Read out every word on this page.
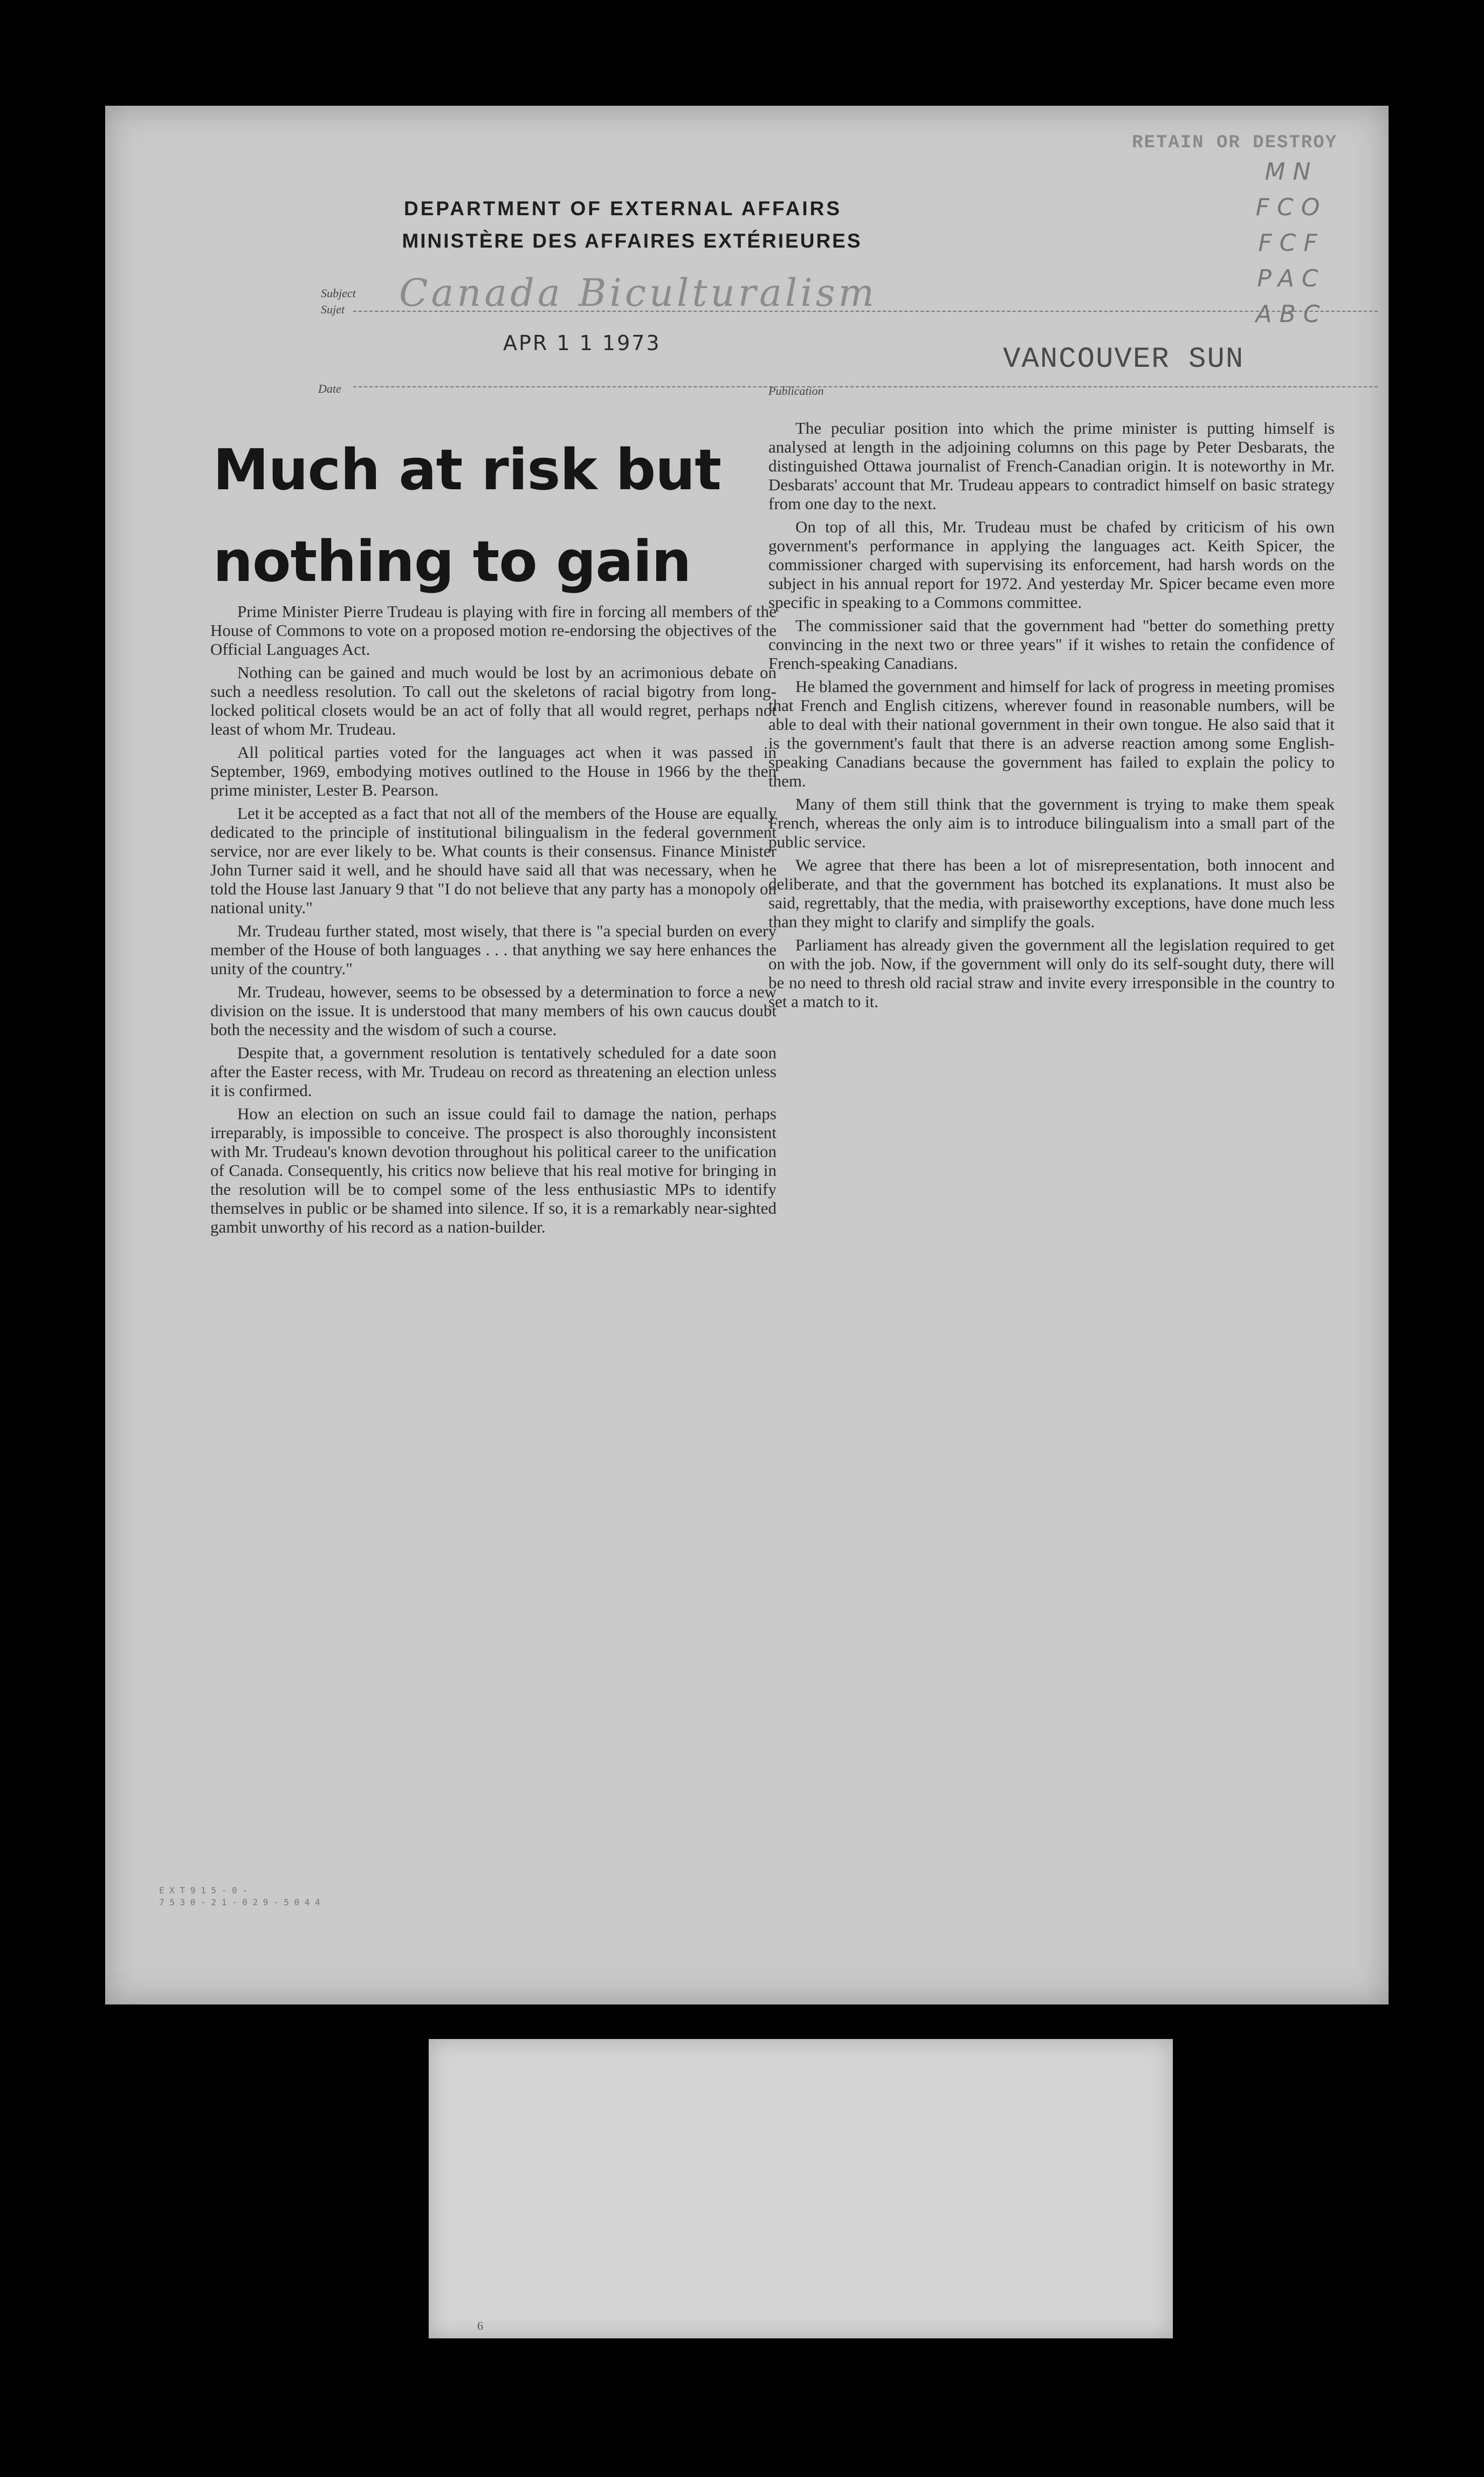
RETAIN OR DESTROY
MN
FCO
FCF
PAC
ABC
DEPARTMENT OF EXTERNAL AFFAIRS
MINISTÈRE DES AFFAIRES EXTÉRIEURES
Subject
Sujet Canada Biculturalism
APR 1 1 1973	VANCOUVER SUN
Date	Publication
Much at risk but nothing to gain

Prime Minister Pierre Trudeau is playing with fire in forcing all members of the House of Commons to vote on a proposed motion re-endorsing the objectives of the Official Languages Act.

Nothing can be gained and much would be lost by an acrimonious debate on such a needless resolution. To call out the skeletons of racial bigotry from long-locked political closets would be an act of folly that all would regret, perhaps not least of whom Mr. Trudeau.

All political parties voted for the languages act when it was passed in September, 1969, embodying motives outlined to the House in 1966 by the then prime minister, Lester B. Pearson.

Let it be accepted as a fact that not all of the members of the House are equally dedicated to the principle of institutional bilingualism in the federal government service, nor are ever likely to be. What counts is their consensus. Finance Minister John Turner said it well, and he should have said all that was necessary, when he told the House last January 9 that "I do not believe that any party has a monopoly on national unity."

Mr. Trudeau further stated, most wisely, that there is "a special burden on every member of the House of both languages . . . that anything we say here enhances the unity of the country."

Mr. Trudeau, however, seems to be obsessed by a determination to force a new division on the issue. It is understood that many members of his own caucus doubt both the necessity and the wisdom of such a course.

Despite that, a government resolution is tentatively scheduled for a date soon after the Easter recess, with Mr. Trudeau on record as threatening an election unless it is confirmed.

How an election on such an issue could fail to damage the nation, perhaps irreparably, is impossible to conceive. The prospect is also thoroughly inconsistent with Mr. Trudeau's known devotion throughout his political career to the unification of Canada. Consequently, his critics now believe that his real motive for bringing in the resolution will be to compel some of the less enthusiastic MPs to identify themselves in public or be shamed into silence. If so, it is a remarkably near-sighted gambit unworthy of his record as a nation-builder.

The peculiar position into which the prime minister is putting himself is analysed at length in the adjoining columns on this page by Peter Desbarats, the distinguished Ottawa journalist of French-Canadian origin. It is noteworthy in Mr. Desbarats' account that Mr. Trudeau appears to contradict himself on basic strategy from one day to the next.

On top of all this, Mr. Trudeau must be chafed by criticism of his own government's performance in applying the languages act. Keith Spicer, the commissioner charged with supervising its enforcement, had harsh words on the subject in his annual report for 1972. And yesterday Mr. Spicer became even more specific in speaking to a Commons committee.

The commissioner said that the government had "better do something pretty convincing in the next two or three years" if it wishes to retain the confidence of French-speaking Canadians.

He blamed the government and himself for lack of progress in meeting promises that French and English citizens, wherever found in reasonable numbers, will be able to deal with their national government in their own tongue. He also said that it is the government's fault that there is an adverse reaction among some English-speaking Canadians because the government has failed to explain the policy to them.

Many of them still think that the government is trying to make them speak French, whereas the only aim is to introduce bilingualism into a small part of the public service.

We agree that there has been a lot of misrepresentation, both innocent and deliberate, and that the government has botched its explanations. It must also be said, regrettably, that the media, with praiseworthy exceptions, have done much less than they might to clarify and simplify the goals.

Parliament has already given the government all the legislation required to get on with the job. Now, if the government will only do its self-sought duty, there will be no need to thresh old racial straw and invite every irresponsible in the country to set a match to it.

E X T 9 1 5 - 0 -
7 5 3 0 - 2 1 - 0 2 9 - 5 0 4 4
6
